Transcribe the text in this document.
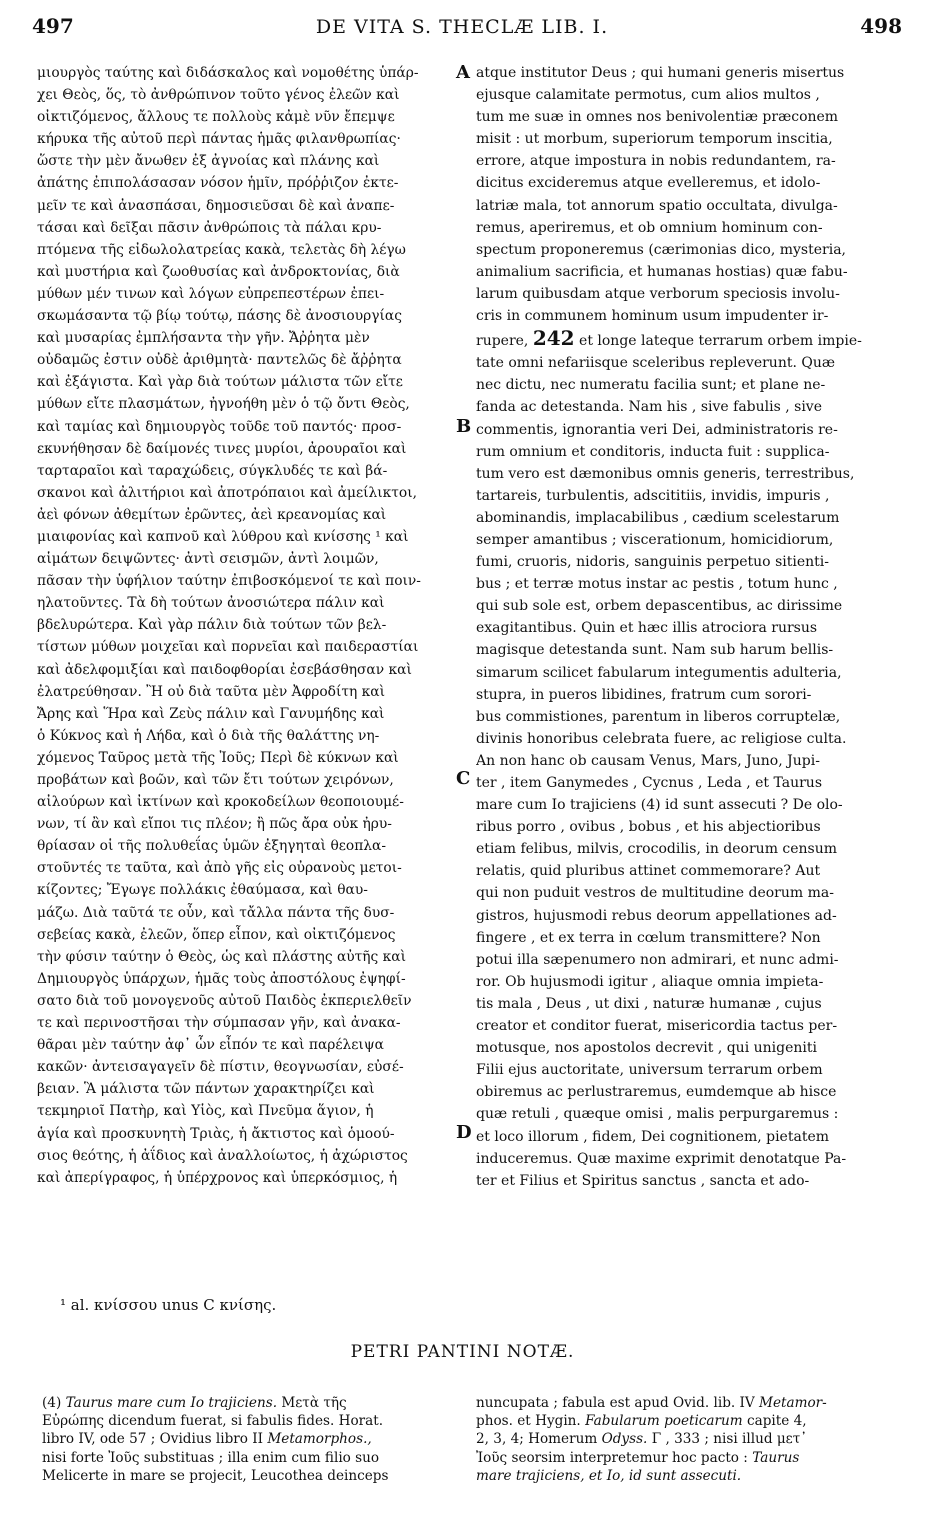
497	DE VITA S. THECLÆ LIB. I.	498
μιουργὸς ταύτης καὶ διδάσκαλος καὶ νομοθέτης ὑπάρ-
χει Θεὸς, ὅς, τὸ ἀνθρώπινον τοῦτο γένος ἐλεῶν καὶ
οἰκτιζόμενος, ἄλλους τε πολλοὺς κἀμὲ νῦν ἔπεμψε
κήρυκα τῆς αὐτοῦ περὶ πάντας ἡμᾶς φιλανθρωπίας·
ὥστε τὴν μὲν ἄνωθεν ἐξ ἀγνοίας καὶ πλάνης καὶ
ἀπάτης ἐπιπολάσασαν νόσον ἡμῖν, πρόῤῥιζον ἐκτε-
μεῖν τε καὶ ἀνασπάσαι, δημοσιεῦσαι δὲ καὶ ἀναπε-
τάσαι καὶ δεῖξαι πᾶσιν ἀνθρώποις τὰ πάλαι κρυ-
πτόμενα τῆς εἰδωλολατρείας κακὰ, τελετὰς δὴ λέγω
καὶ μυστήρια καὶ ζωοθυσίας καὶ ἀνδροκτονίας, διὰ
μύθων μέν τινων καὶ λόγων εὐπρεπεστέρων ἐπει-
σκωμάσαντα τῷ βίῳ τούτῳ, πάσης δὲ ἀνοσιουργίας
καὶ μυσαρίας ἐμπλήσαντα τὴν γῆν. Ἄῤῥητα μὲν
οὐδαμῶς ἐστιν οὐδὲ ἀριθμητὰ· παντελῶς δὲ ἄῤῥητα
καὶ ἐξάγιστα. Καὶ γὰρ διὰ τούτων μάλιστα τῶν εἴτε
μύθων εἴτε πλασμάτων, ἠγνοήθη μὲν ὁ τῷ ὄντι Θεὸς,
καὶ ταμίας καὶ δημιουργὸς τοῦδε τοῦ παντός· προσ-
εκυνήθησαν δὲ δαίμονές τινες μυρίοι, ἀρουραῖοι καὶ
ταρταραῖοι καὶ ταραχώδεις, σύγκλυδές τε καὶ βά-
σκανοι καὶ ἀλιτήριοι καὶ ἀποτρόπαιοι καὶ ἀμείλικτοι,
ἀεὶ φόνων ἀθεμίτων ἐρῶντες, ἀεὶ κρεανομίας καὶ
μιαιφονίας καὶ καπνοῦ καὶ λύθρου καὶ κνίσσης ¹ καὶ
αἱμάτων δειψῶντες· ἀντὶ σεισμῶν, ἀντὶ λοιμῶν,
πᾶσαν τὴν ὑφήλιον ταύτην ἐπιβοσκόμενοί τε καὶ ποιν-
ηλατοῦντες. Τὰ δὴ τούτων ἀνοσιώτερα πάλιν καὶ
βδελυρώτερα. Καὶ γὰρ πάλιν διὰ τούτων τῶν βελ-
τίστων μύθων μοιχεῖαι καὶ πορνεῖαι καὶ παιδεραστίαι
καὶ ἀδελφομιξίαι καὶ παιδοφθορίαι ἐσεβάσθησαν καὶ
ἐλατρεύθησαν. Ἢ οὐ διὰ ταῦτα μὲν Ἀφροδίτη καὶ
Ἄρης καὶ Ἥρα καὶ Ζεὺς πάλιν καὶ Γανυμήδης καὶ
ὁ Κύκνος καὶ ἡ Λήδα, καὶ ὁ διὰ τῆς θαλάττης νη-
χόμενος Ταῦρος μετὰ τῆς Ἰοῦς; Περὶ δὲ κύκνων καὶ
προβάτων καὶ βοῶν, καὶ τῶν ἔτι τούτων χειρόνων,
αἰλούρων καὶ ἰκτίνων καὶ κροκοδείλων θεοποιουμέ-
νων, τί ἂν καὶ εἴποι τις πλέον; ἢ πῶς ἄρα οὐκ ἠρυ-
θρίασαν οἱ τῆς πολυθεΐας ὑμῶν ἐξηγηταὶ θεοπλα-
στοῦντές τε ταῦτα, καὶ ἀπὸ γῆς εἰς οὐρανοὺς μετοι-
κίζοντες; Ἔγωγε πολλάκις ἐθαύμασα, καὶ θαυ-
μάζω. Διὰ ταῦτά τε οὖν, καὶ τἄλλα πάντα τῆς δυσ-
σεβείας κακὰ, ἐλεῶν, ὅπερ εἶπον, καὶ οἰκτιζόμενος
τὴν φύσιν ταύτην ὁ Θεὸς, ὡς καὶ πλάστης αὐτῆς καὶ
Δημιουργὸς ὑπάρχων, ἡμᾶς τοὺς ἀποστόλους ἐψηφί-
σατο διὰ τοῦ μονογενοῦς αὐτοῦ Παιδὸς ἐκπεριελθεῖν
τε καὶ περινοστῆσαι τὴν σύμπασαν γῆν, καὶ ἀνακα-
θᾶραι μὲν ταύτην ἀφ᾽ ὧν εἶπόν τε καὶ παρέλειψα
κακῶν· ἀντεισαγαγεῖν δὲ πίστιν, θεογνωσίαν, εὐσέ-
βειαν. Ἃ μάλιστα τῶν πάντων χαρακτηρίζει καὶ
τεκμηριοῖ Πατὴρ, καὶ Υἱὸς, καὶ Πνεῦμα ἅγιον, ἡ
ἁγία καὶ προσκυνητὴ Τριὰς, ἡ ἄκτιστος καὶ ὁμοού-
σιος θεότης, ἡ ἀΐδιος καὶ ἀναλλοίωτος, ἡ ἀχώριστος
καὶ ἀπερίγραφος, ἡ ὑπέρχρονος καὶ ὑπερκόσμιος, ἡ
A
B
C
D
atque institutor Deus ; qui humani generis misertus
ejusque calamitate permotus, cum alios multos ,
tum me suæ in omnes nos benivolentiæ præconem
misit : ut morbum, superiorum temporum inscitia,
errore, atque impostura in nobis redundantem, ra-
dicitus excideremus atque evelleremus, et idolo-
latriæ mala, tot annorum spatio occultata, divulga-
remus, aperiremus, et ob omnium hominum con-
spectum proponeremus (cærimonias dico, mysteria,
animalium sacrificia, et humanas hostias) quæ fabu-
larum quibusdam atque verborum speciosis involu-
cris in communem hominum usum impudenter ir-
rupere, 242 et longe lateque terrarum orbem impie-
tate omni nefariisque sceleribus repleverunt. Quæ
nec dictu, nec numeratu facilia sunt; et plane ne-
fanda ac detestanda. Nam his , sive fabulis , sive
commentis, ignorantia veri Dei, administratoris re-
rum omnium et conditoris, inducta fuit : supplica-
tum vero est dæmonibus omnis generis, terrestribus,
tartareis, turbulentis, adscititiis, invidis, impuris ,
abominandis, implacabilibus , cædium scelestarum
semper amantibus ; viscerationum, homicidiorum,
fumi, cruoris, nidoris, sanguinis perpetuo sitienti-
bus ; et terræ motus instar ac pestis , totum hunc ,
qui sub sole est, orbem depascentibus, ac dirissime
exagitantibus. Quin et hæc illis atrociora rursus
magisque detestanda sunt. Nam sub harum bellis-
simarum scilicet fabularum integumentis adulteria,
stupra, in pueros libidines, fratrum cum sorori-
bus commistiones, parentum in liberos corruptelæ,
divinis honoribus celebrata fuere, ac religiose culta.
An non hanc ob causam Venus, Mars, Juno, Jupi-
ter , item Ganymedes , Cycnus , Leda , et Taurus
mare cum Io trajiciens (4) id sunt assecuti ? De olo-
ribus porro , ovibus , bobus , et his abjectioribus
etiam felibus, milvis, crocodilis, in deorum censum
relatis, quid pluribus attinet commemorare? Aut
qui non puduit vestros de multitudine deorum ma-
gistros, hujusmodi rebus deorum appellationes ad-
fingere , et ex terra in cœlum transmittere? Non
potui illa sæpenumero non admirari, et nunc admi-
ror. Ob hujusmodi igitur , aliaque omnia impieta-
tis mala , Deus , ut dixi , naturæ humanæ , cujus
creator et conditor fuerat, misericordia tactus per-
motusque, nos apostolos decrevit , qui unigeniti
Filii ejus auctoritate, universum terrarum orbem
obiremus ac perlustraremus, eumdemque ab hisce
quæ retuli , quæque omisi , malis perpurgaremus :
et loco illorum , fidem, Dei cognitionem, pietatem
induceremus. Quæ maxime exprimit denotatque Pa-
ter et Filius et Spiritus sanctus , sancta et ado-
¹ al. κνίσσου unus C κνίσης.
PETRI PANTINI NOTÆ.
(4) Taurus mare cum Io trajiciens. Μετὰ τῆς
Εὐρώπης dicendum fuerat, si fabulis fides. Horat.
libro IV, ode 57 ; Ovidius libro II Metamorphos.,
nisi forte Ἰοῦς substituas ; illa enim cum filio suo
Melicerte in mare se projecit, Leucothea deinceps
nuncupata ; fabula est apud Ovid. lib. IV Metamor-
phos. et Hygin. Fabularum poeticarum capite 4,
2, 3, 4; Homerum Odyss. Γ , 333 ; nisi illud μετ᾽
Ἰοῦς seorsim interpretemur hoc pacto : Taurus
mare trajiciens, et Io, id sunt assecuti.
